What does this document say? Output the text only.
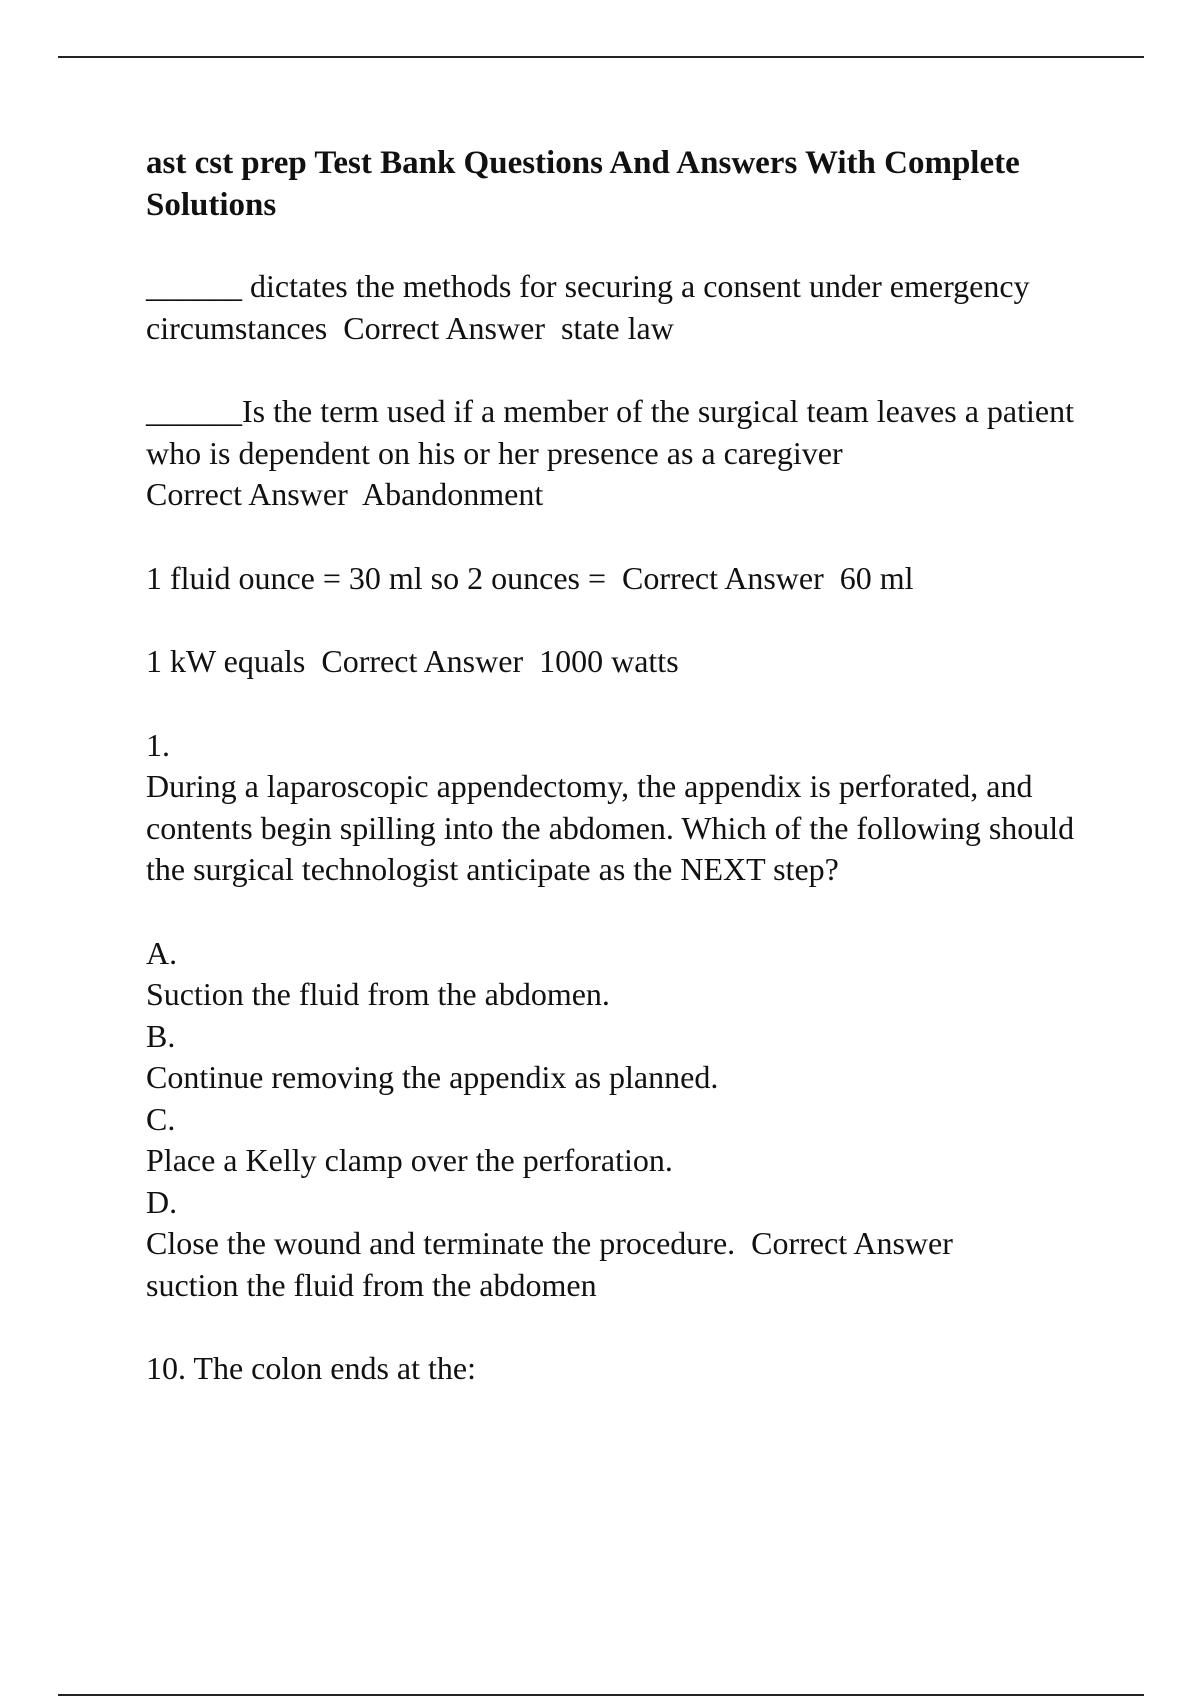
ast cst prep Test Bank Questions And Answers With Complete Solutions

______ dictates the methods for securing a consent under emergency circumstances Correct Answer state law

______Is the term used if a member of the surgical team leaves a patient who is dependent on his or her presence as a caregiver
Correct Answer Abandonment

1 fluid ounce = 30 ml so 2 ounces = Correct Answer 60 ml

1 kW equals Correct Answer 1000 watts

1.
During a laparoscopic appendectomy, the appendix is perforated, and contents begin spilling into the abdomen. Which of the following should the surgical technologist anticipate as the NEXT step?
A.
Suction the fluid from the abdomen.
B.
Continue removing the appendix as planned.
C.
Place a Kelly clamp over the perforation.
D.
Close the wound and terminate the procedure. Correct Answer
suction the fluid from the abdomen

10. The colon ends at the:
